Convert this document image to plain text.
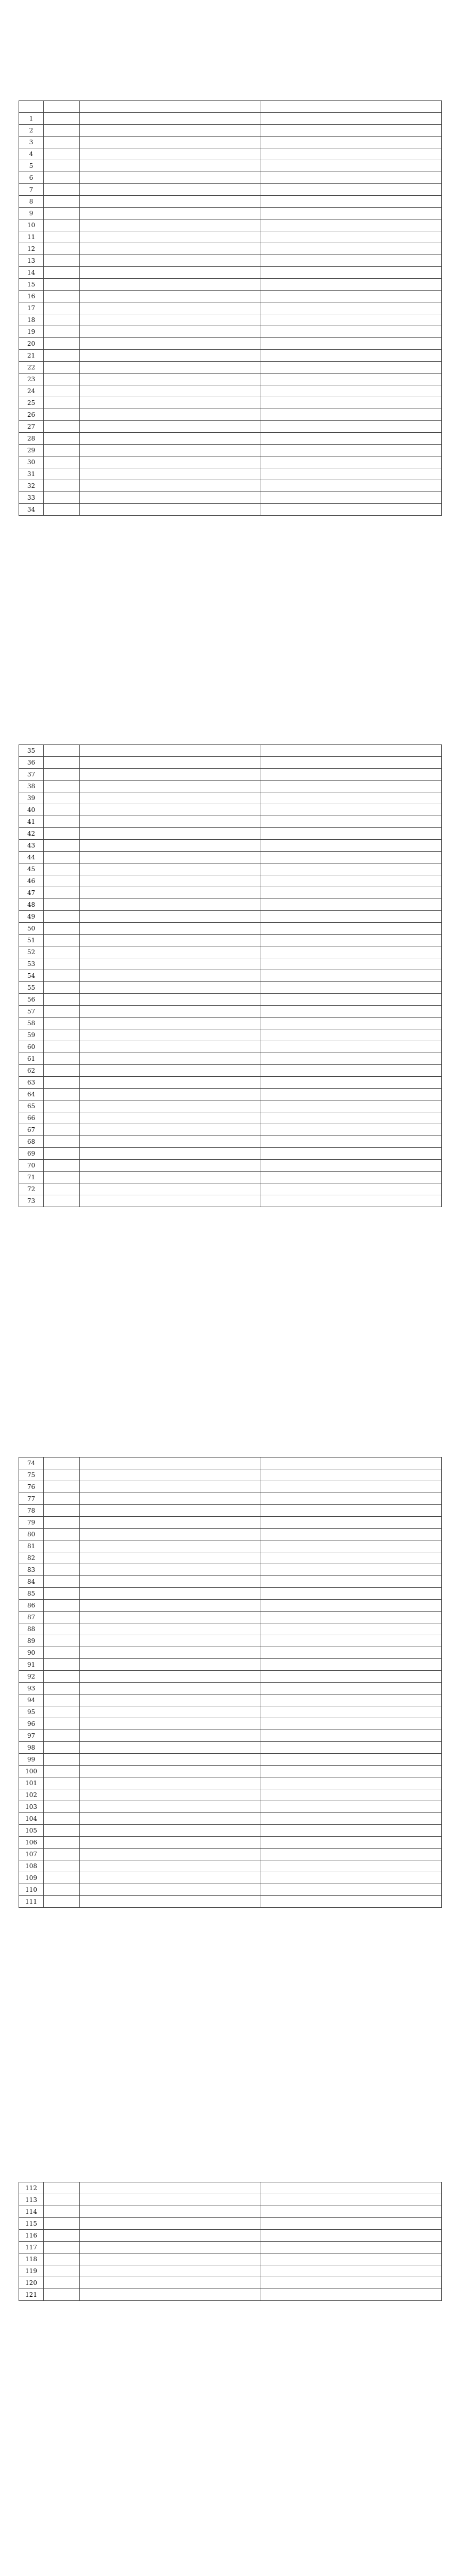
1			
2			
3			
4			
5			
6			
7			
8			
9			
10			
11			
12			
13			
14			
15			
16			
17			
18			
19			
20			
21			
22			
23			
24			
25			
26			
27			
28			
29			
30			
31			
32			
33			
34			
35			
36			
37			
38			
39			
40			
41			
42			
43			
44			
45			
46			
47			
48			
49			
50			
51			
52			
53			
54			
55			
56			
57			
58			
59			
60			
61			
62			
63			
64			
65			
66			
67			
68			
69			
70			
71			
72			
73			
74			
75			
76			
77			
78			
79			
80			
81			
82			
83			
84			
85			
86			
87			
88			
89			
90			
91			
92			
93			
94			
95			
96			
97			
98			
99			
100			
101			
102			
103			
104			
105			
106			
107			
108			
109			
110			
111			
112			
113			
114			
115			
116			
117			
118			
119			
120			
121			
